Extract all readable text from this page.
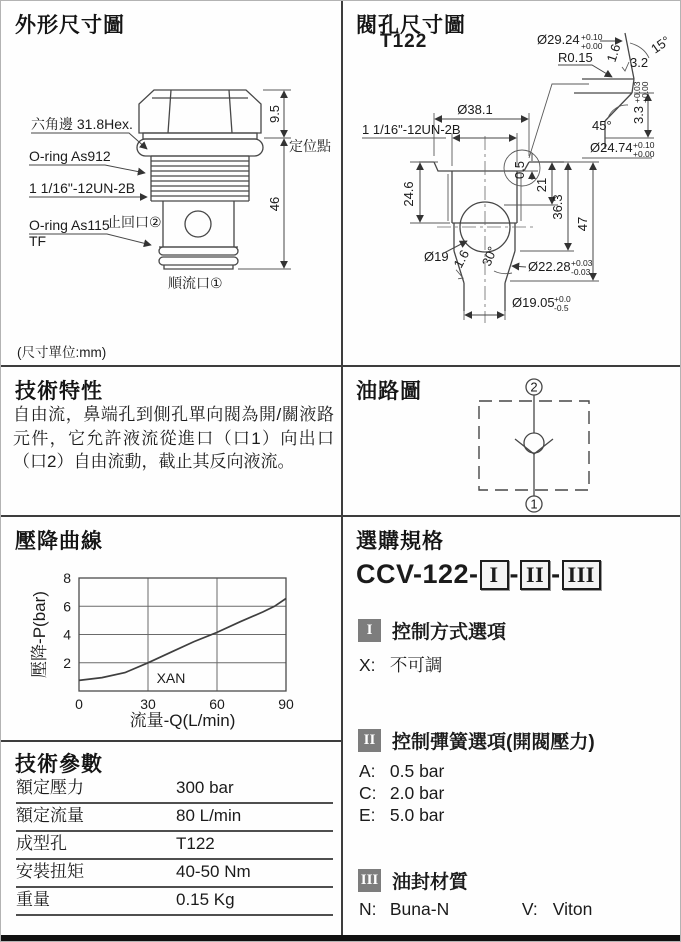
外形尺寸圖
9.5
46
定位點
六角邊 31.8Hex.
O-ring As912
1 1/16"-12UN-2B
O-ring As115
TF
止回口②
順流口①
(尺寸單位:mm)
閥孔尺寸圖
T122	Ø29.24 +0.10
+0.00
R0.15
15°
1.6 3.2
45°
3.3
+0.03
+0.00
Ø24.74 +0.10
+0.00
Ø38.1
1 1/16"-12UN-2B
0.5
21
36.3
47
24.6
Ø19 1.6 30° Ø22.28 +0.03
-0.03
Ø19.05 +0.0
-0.5
技術特性

自由流，鼻端孔到側孔單向閥為開/關液路元件，它允許液流從進口（口1）向出口（口2）自由流動，截止其反向液流。

油路圖	2
1
壓降曲線
0	30	60	90
2
4
6
8
XAN
流量-Q(L/min)
壓降-P(bar)
技術參數
額定壓力	300 bar
額定流量	80 L/min
成型孔	T122
安裝扭矩	40-50 Nm
重量	0.15 Kg
選購規格
CCV-122- I - II - III
I	控制方式選項
X: 不可調
II 控制彈簧選項(開閥壓力)
A: 0.5 bar
C: 2.0 bar
E: 5.0 bar
III 油封材質
N: Buna-N	V: Viton
